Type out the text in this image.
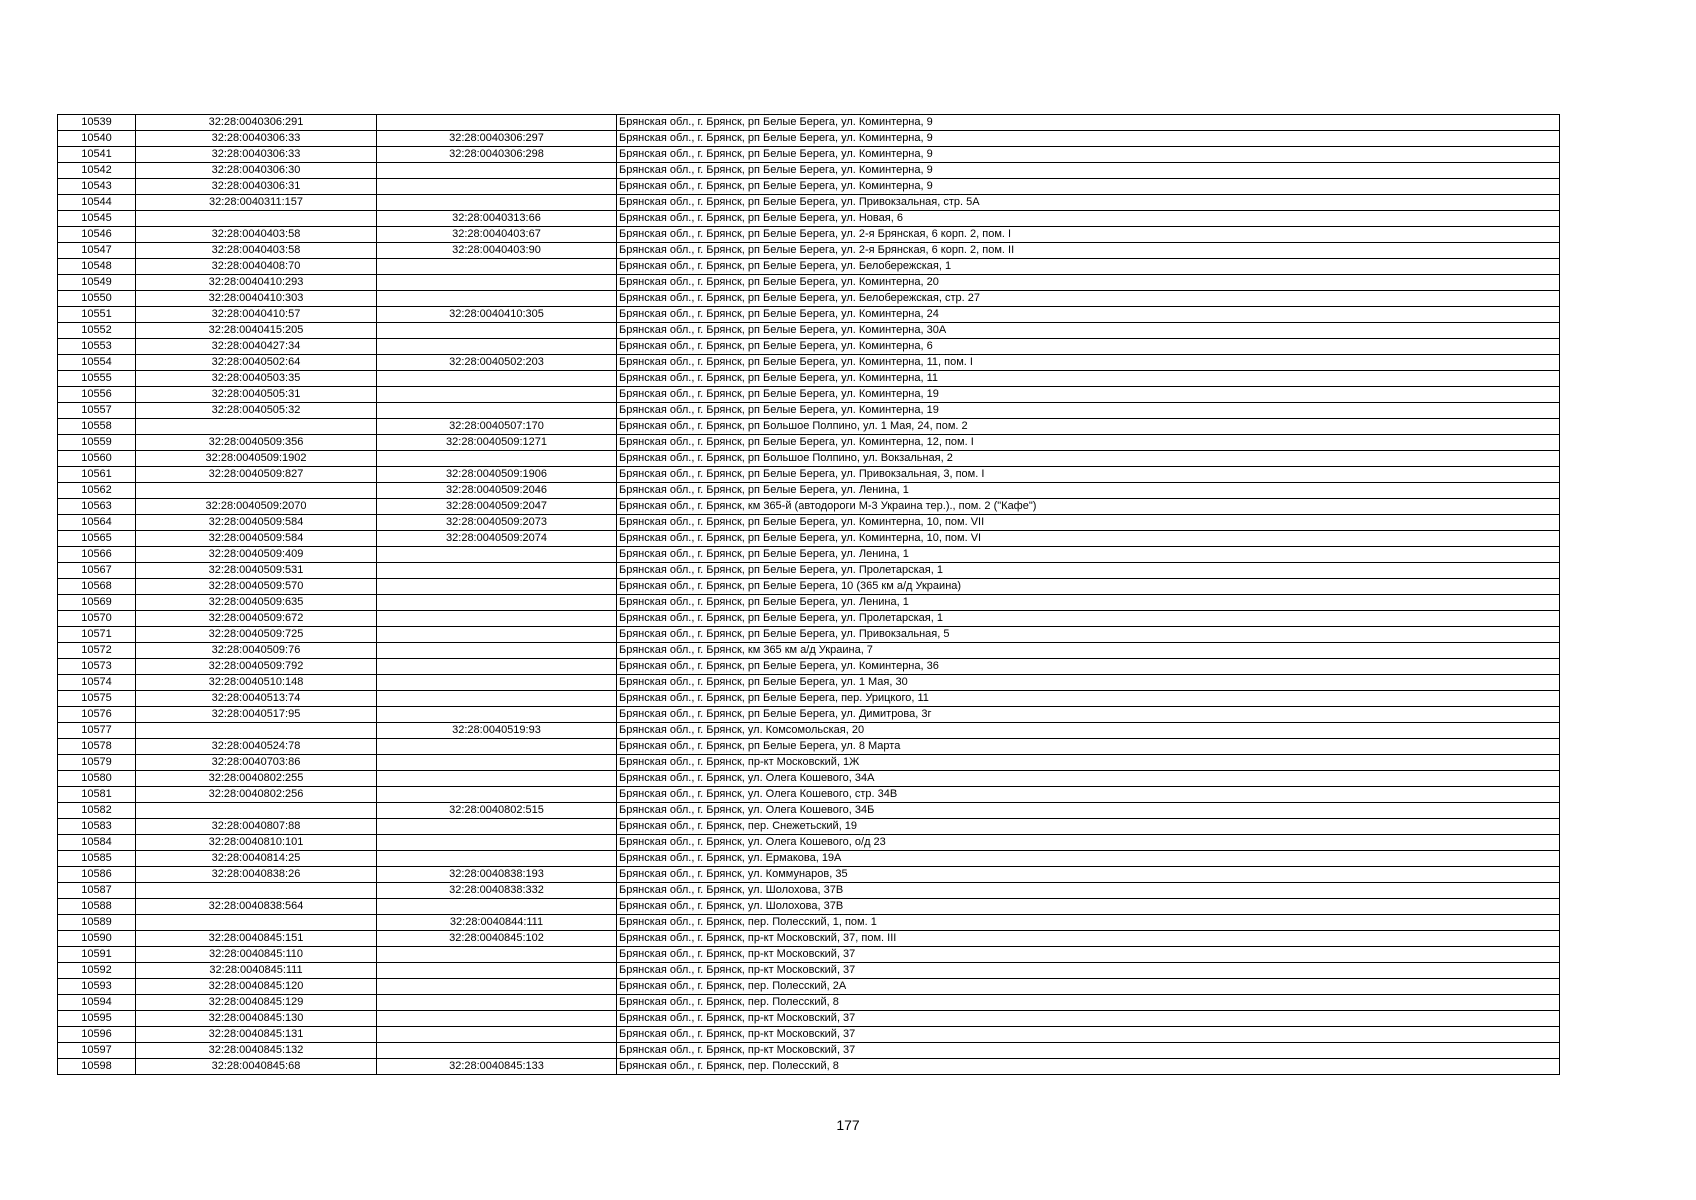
10539	32:28:0040306:291		Брянская обл., г. Брянск, рп Белые Берега, ул. Коминтерна, 9
10540	32:28:0040306:33	32:28:0040306:297	Брянская обл., г. Брянск, рп Белые Берега, ул. Коминтерна, 9
10541	32:28:0040306:33	32:28:0040306:298	Брянская обл., г. Брянск, рп Белые Берега, ул. Коминтерна, 9
10542	32:28:0040306:30		Брянская обл., г. Брянск, рп Белые Берега, ул. Коминтерна, 9
10543	32:28:0040306:31		Брянская обл., г. Брянск, рп Белые Берега, ул. Коминтерна, 9
10544	32:28:0040311:157		Брянская обл., г. Брянск, рп Белые Берега, ул. Привокзальная, стр. 5А
10545		32:28:0040313:66	Брянская обл., г. Брянск, рп Белые Берега, ул. Новая, 6
10546	32:28:0040403:58	32:28:0040403:67	Брянская обл., г. Брянск, рп Белые Берега, ул. 2-я Брянская, 6 корп. 2, пом. I
10547	32:28:0040403:58	32:28:0040403:90	Брянская обл., г. Брянск, рп Белые Берега, ул. 2-я Брянская, 6 корп. 2, пом. II
10548	32:28:0040408:70		Брянская обл., г. Брянск, рп Белые Берега, ул. Белобережская, 1
10549	32:28:0040410:293		Брянская обл., г. Брянск, рп Белые Берега, ул. Коминтерна, 20
10550	32:28:0040410:303		Брянская обл., г. Брянск, рп Белые Берега, ул. Белобережская, стр. 27
10551	32:28:0040410:57	32:28:0040410:305	Брянская обл., г. Брянск, рп Белые Берега, ул. Коминтерна, 24
10552	32:28:0040415:205		Брянская обл., г. Брянск, рп Белые Берега, ул. Коминтерна, 30А
10553	32:28:0040427:34		Брянская обл., г. Брянск, рп Белые Берега, ул. Коминтерна, 6
10554	32:28:0040502:64	32:28:0040502:203	Брянская обл., г. Брянск, рп Белые Берега, ул. Коминтерна, 11, пом. I
10555	32:28:0040503:35		Брянская обл., г. Брянск, рп Белые Берега, ул. Коминтерна, 11
10556	32:28:0040505:31		Брянская обл., г. Брянск, рп Белые Берега, ул. Коминтерна, 19
10557	32:28:0040505:32		Брянская обл., г. Брянск, рп Белые Берега, ул. Коминтерна, 19
10558		32:28:0040507:170	Брянская обл., г. Брянск, рп Большое Полпино, ул. 1 Мая, 24, пом. 2
10559	32:28:0040509:356	32:28:0040509:1271	Брянская обл., г. Брянск, рп Белые Берега, ул. Коминтерна, 12, пом. I
10560	32:28:0040509:1902		Брянская обл., г. Брянск, рп Большое Полпино, ул. Вокзальная, 2
10561	32:28:0040509:827	32:28:0040509:1906	Брянская обл., г. Брянск, рп Белые Берега, ул. Привокзальная, 3, пом. I
10562		32:28:0040509:2046	Брянская обл., г. Брянск, рп Белые Берега, ул. Ленина, 1
10563	32:28:0040509:2070	32:28:0040509:2047	Брянская обл., г. Брянск, км 365-й (автодороги М-3 Украина тер.)., пом. 2 ("Кафе")
10564	32:28:0040509:584	32:28:0040509:2073	Брянская обл., г. Брянск, рп Белые Берега, ул. Коминтерна, 10, пом. VII
10565	32:28:0040509:584	32:28:0040509:2074	Брянская обл., г. Брянск, рп Белые Берега, ул. Коминтерна, 10, пом. VI
10566	32:28:0040509:409		Брянская обл., г. Брянск, рп Белые Берега, ул. Ленина, 1
10567	32:28:0040509:531		Брянская обл., г. Брянск, рп Белые Берега, ул. Пролетарская, 1
10568	32:28:0040509:570		Брянская обл., г. Брянск, рп Белые Берега, 10 (365 км а/д Украина)
10569	32:28:0040509:635		Брянская обл., г. Брянск, рп Белые Берега, ул. Ленина, 1
10570	32:28:0040509:672		Брянская обл., г. Брянск, рп Белые Берега, ул. Пролетарская, 1
10571	32:28:0040509:725		Брянская обл., г. Брянск, рп Белые Берега, ул. Привокзальная, 5
10572	32:28:0040509:76		Брянская обл., г. Брянск, км 365 км а/д Украина, 7
10573	32:28:0040509:792		Брянская обл., г. Брянск, рп Белые Берега, ул. Коминтерна, 36
10574	32:28:0040510:148		Брянская обл., г. Брянск, рп Белые Берега, ул. 1 Мая, 30
10575	32:28:0040513:74		Брянская обл., г. Брянск, рп Белые Берега, пер. Урицкого, 11
10576	32:28:0040517:95		Брянская обл., г. Брянск, рп Белые Берега, ул. Димитрова, 3г
10577		32:28:0040519:93	Брянская обл., г. Брянск, ул. Комсомольская, 20
10578	32:28:0040524:78		Брянская обл., г. Брянск, рп Белые Берега, ул. 8 Марта
10579	32:28:0040703:86		Брянская обл., г. Брянск, пр-кт Московский, 1Ж
10580	32:28:0040802:255		Брянская обл., г. Брянск, ул. Олега Кошевого, 34А
10581	32:28:0040802:256		Брянская обл., г. Брянск, ул. Олега Кошевого, стр. 34В
10582		32:28:0040802:515	Брянская обл., г. Брянск, ул. Олега Кошевого, 34Б
10583	32:28:0040807:88		Брянская обл., г. Брянск, пер. Снежетьский, 19
10584	32:28:0040810:101		Брянская обл., г. Брянск, ул. Олега Кошевого, о/д 23
10585	32:28:0040814:25		Брянская обл., г. Брянск, ул. Ермакова, 19А
10586	32:28:0040838:26	32:28:0040838:193	Брянская обл., г. Брянск, ул. Коммунаров, 35
10587		32:28:0040838:332	Брянская обл., г. Брянск, ул. Шолохова, 37В
10588	32:28:0040838:564		Брянская обл., г. Брянск, ул. Шолохова, 37В
10589		32:28:0040844:111	Брянская обл., г. Брянск, пер. Полесский, 1, пом. 1
10590	32:28:0040845:151	32:28:0040845:102	Брянская обл., г. Брянск, пр-кт Московский, 37, пом. III
10591	32:28:0040845:110		Брянская обл., г. Брянск, пр-кт Московский, 37
10592	32:28:0040845:111		Брянская обл., г. Брянск, пр-кт Московский, 37
10593	32:28:0040845:120		Брянская обл., г. Брянск, пер. Полесский, 2А
10594	32:28:0040845:129		Брянская обл., г. Брянск, пер. Полесский, 8
10595	32:28:0040845:130		Брянская обл., г. Брянск, пр-кт Московский, 37
10596	32:28:0040845:131		Брянская обл., г. Брянск, пр-кт Московский, 37
10597	32:28:0040845:132		Брянская обл., г. Брянск, пр-кт Московский, 37
10598	32:28:0040845:68	32:28:0040845:133	Брянская обл., г. Брянск, пер. Полесский, 8
177
